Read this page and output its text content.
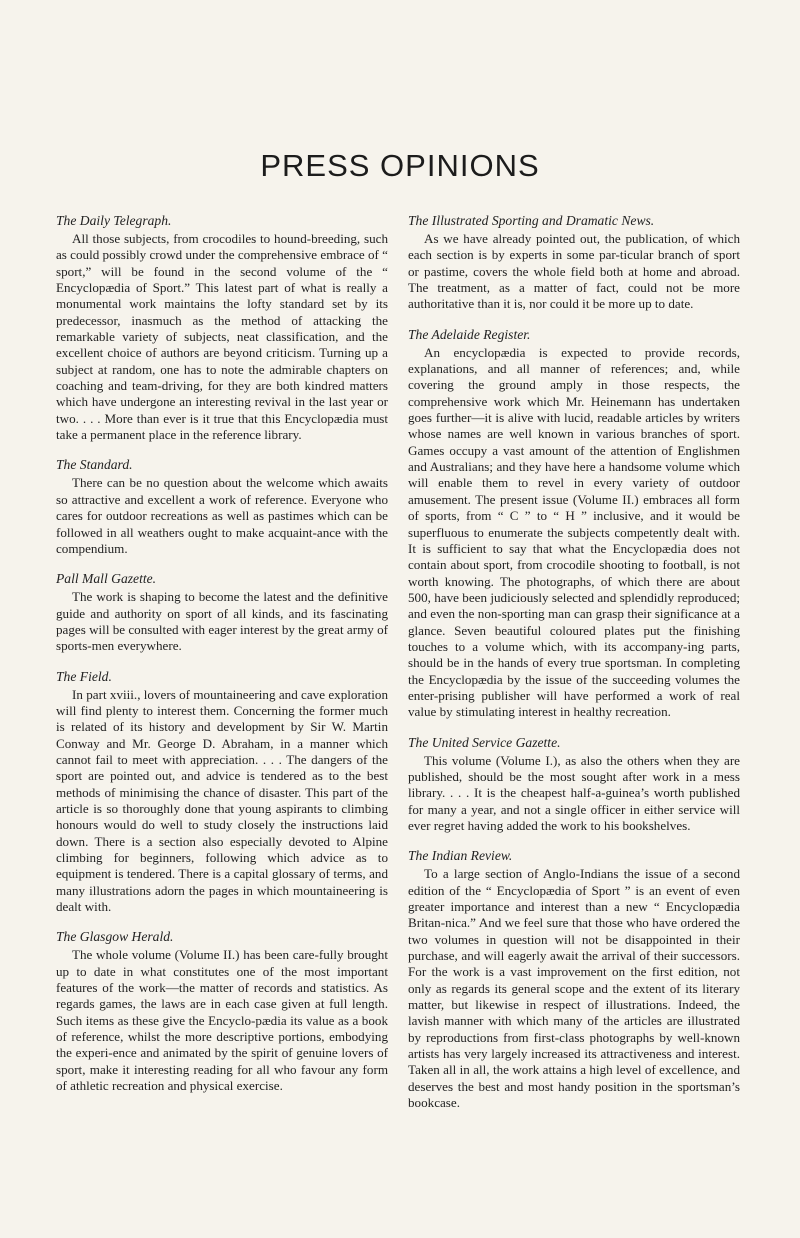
PRESS OPINIONS

The Daily Telegraph.

All those subjects, from crocodiles to hound-breeding, such as could possibly crowd under the comprehensive embrace of “ sport,” will be found in the second volume of the “ Encyclopædia of Sport.” This latest part of what is really a monumental work maintains the lofty standard set by its predecessor, inasmuch as the method of attacking the remarkable variety of subjects, neat classification, and the excellent choice of authors are beyond criticism. Turning up a subject at random, one has to note the admirable chapters on coaching and team-driving, for they are both kindred matters which have undergone an interesting revival in the last year or two. . . . More than ever is it true that this Encyclopædia must take a permanent place in the reference library.

The Standard.

There can be no question about the welcome which awaits so attractive and excellent a work of reference. Everyone who cares for outdoor recreations as well as pastimes which can be followed in all weathers ought to make acquaint-ance with the compendium.

Pall Mall Gazette.

The work is shaping to become the latest and the definitive guide and authority on sport of all kinds, and its fascinating pages will be consulted with eager interest by the great army of sports-men everywhere.

The Field.

In part xviii., lovers of mountaineering and cave exploration will find plenty to interest them. Concerning the former much is related of its history and development by Sir W. Martin Conway and Mr. George D. Abraham, in a manner which cannot fail to meet with appreciation. . . . The dangers of the sport are pointed out, and advice is tendered as to the best methods of minimising the chance of disaster. This part of the article is so thoroughly done that young aspirants to climbing honours would do well to study closely the instructions laid down. There is a section also especially devoted to Alpine climbing for beginners, following which advice as to equipment is tendered. There is a capital glossary of terms, and many illustrations adorn the pages in which mountaineering is dealt with.

The Glasgow Herald.

The whole volume (Volume II.) has been care-fully brought up to date in what constitutes one of the most important features of the work—the matter of records and statistics. As regards games, the laws are in each case given at full length. Such items as these give the Encyclo-pædia its value as a book of reference, whilst the more descriptive portions, embodying the experi-ence and animated by the spirit of genuine lovers of sport, make it interesting reading for all who favour any form of athletic recreation and physical exercise.

The Illustrated Sporting and Dramatic News.

As we have already pointed out, the publication, of which each section is by experts in some par-ticular branch of sport or pastime, covers the whole field both at home and abroad. The treatment, as a matter of fact, could not be more authoritative than it is, nor could it be more up to date.

The Adelaide Register.

An encyclopædia is expected to provide records, explanations, and all manner of references; and, while covering the ground amply in those respects, the comprehensive work which Mr. Heinemann has undertaken goes further—it is alive with lucid, readable articles by writers whose names are well known in various branches of sport. Games occupy a vast amount of the attention of Englishmen and Australians; and they have here a handsome volume which will enable them to revel in every variety of outdoor amusement. The present issue (Volume II.) embraces all form of sports, from “ C ” to “ H ” inclusive, and it would be superfluous to enumerate the subjects competently dealt with. It is sufficient to say that what the Encyclopædia does not contain about sport, from crocodile shooting to football, is not worth knowing. The photographs, of which there are about 500, have been judiciously selected and splendidly reproduced; and even the non-sporting man can grasp their significance at a glance. Seven beautiful coloured plates put the finishing touches to a volume which, with its accompany-ing parts, should be in the hands of every true sportsman. In completing the Encyclopædia by the issue of the succeeding volumes the enter-prising publisher will have performed a work of real value by stimulating interest in healthy recreation.

The United Service Gazette.

This volume (Volume I.), as also the others when they are published, should be the most sought after work in a mess library. . . . It is the cheapest half-a-guinea’s worth published for many a year, and not a single officer in either service will ever regret having added the work to his bookshelves.

The Indian Review.

To a large section of Anglo-Indians the issue of a second edition of the “ Encyclopædia of Sport ” is an event of even greater importance and interest than a new “ Encyclopædia Britan-nica.” And we feel sure that those who have ordered the two volumes in question will not be disappointed in their purchase, and will eagerly await the arrival of their successors. For the work is a vast improvement on the first edition, not only as regards its general scope and the extent of its literary matter, but likewise in respect of illustrations. Indeed, the lavish manner with which many of the articles are illustrated by reproductions from first-class photographs by well-known artists has very largely increased its attractiveness and interest. Taken all in all, the work attains a high level of excellence, and deserves the best and most handy position in the sportsman’s bookcase.
